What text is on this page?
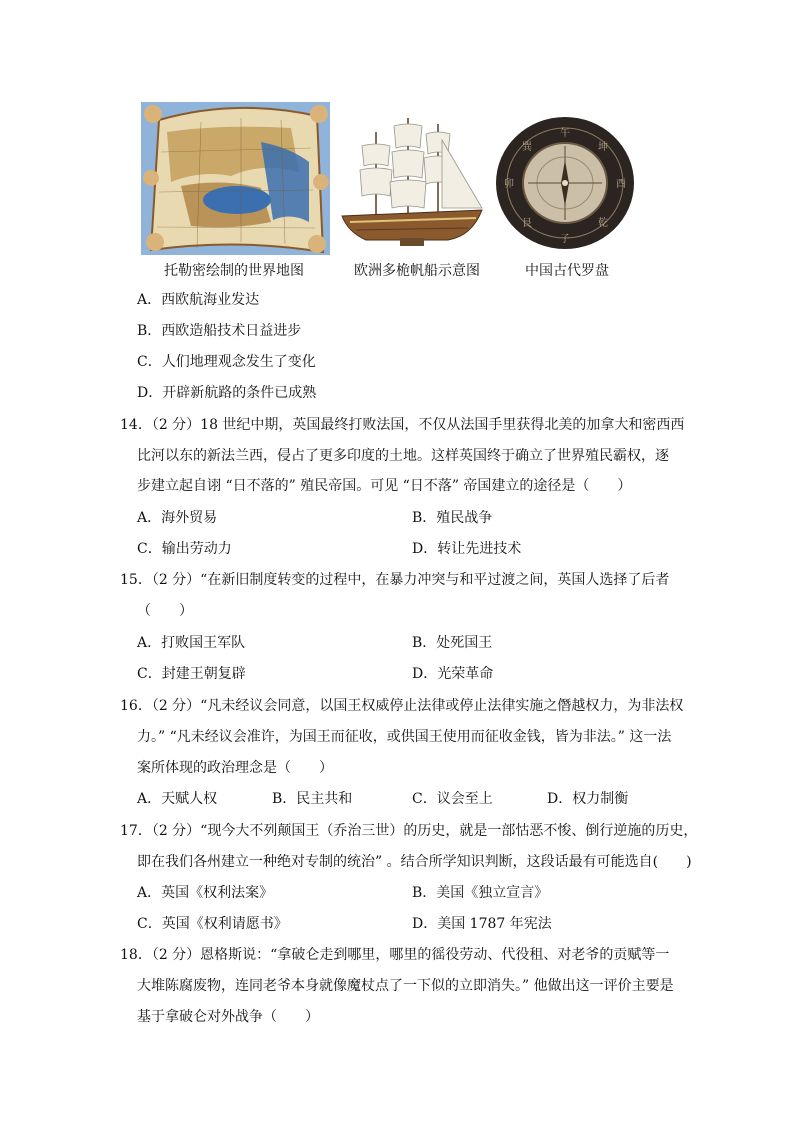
午
子
卯	酉
巽	坤
艮	乾
托勒密绘制的世界地图	欧洲多桅帆船示意图	中国古代罗盘
A．西欧航海业发达
B．西欧造船技术日益进步
C．人们地理观念发生了变化
D．开辟新航路的条件已成熟
14．（2 分）18 世纪中期，英国最终打败法国，不仅从法国手里获得北美的加拿大和密西西
比河以东的新法兰西，侵占了更多印度的土地。这样英国终于确立了世界殖民霸权，逐
步建立起自诩 “日不落的” 殖民帝国。可见 “日不落” 帝国建立的途径是（　　）
A．海外贸易	B．殖民战争
C．输出劳动力	D．转让先进技术
15．（2 分）“在新旧制度转变的过程中，在暴力冲突与和平过渡之间，英国人选择了后者
（　　）
A．打败国王军队	B．处死国王
C．封建王朝复辟	D．光荣革命
16．（2 分）“凡未经议会同意，以国王权威停止法律或停止法律实施之僭越权力，为非法权
力。” “凡未经议会准许，为国王而征收，或供国王使用而征收金钱，皆为非法。” 这一法
案所体现的政治理念是（　　）
A．天赋人权	B．民主共和	C．议会至上	D．权力制衡
17．（2 分）“现今大不列颠国王（乔治三世）的历史，就是一部怙恶不悛、倒行逆施的历史，
即在我们各州建立一种绝对专制的统治” 。结合所学知识判断，这段话最有可能选自(　　)
A．英国《权利法案》	B．美国《独立宣言》
C．英国《权利请愿书》	D．美国 1787 年宪法
18．（2 分）恩格斯说：“拿破仑走到哪里，哪里的徭役劳动、代役租、对老爷的贡赋等一
大堆陈腐废物，连同老爷本身就像魔杖点了一下似的立即消失。” 他做出这一评价主要是
基于拿破仑对外战争（　　）
